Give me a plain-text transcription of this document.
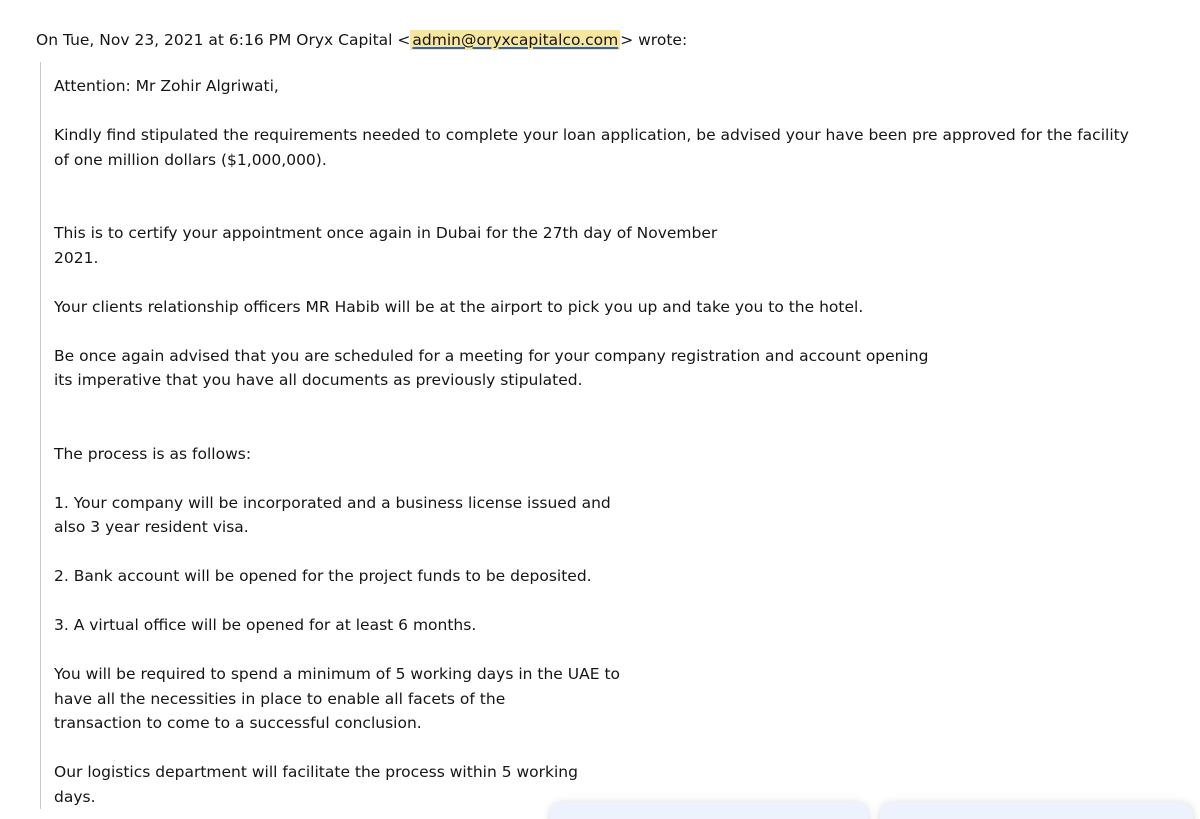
On Tue, Nov 23, 2021 at 6:16 PM Oryx Capital < admin@oryxcapitalco.com > wrote:
Attention: Mr Zohir Algriwati,
Kindly find stipulated the requirements needed to complete your loan application, be advised your have been pre approved for the facility
of one million dollars ($1,000,000).
This is to certify your appointment once again in Dubai for the 27th day of November
2021.
Your clients relationship officers MR Habib will be at the airport to pick you up and take you to the hotel.
Be once again advised that you are scheduled for a meeting for your company registration and account opening
its imperative that you have all documents as previously stipulated.
The process is as follows:
1. Your company will be incorporated and a business license issued and
also 3 year resident visa.
2. Bank account will be opened for the project funds to be deposited.
3. A virtual office will be opened for at least 6 months.
You will be required to spend a minimum of 5 working days in the UAE to
have all the necessities in place to enable all facets of the
transaction to come to a successful conclusion.
Our logistics department will facilitate the process within 5 working
days.
